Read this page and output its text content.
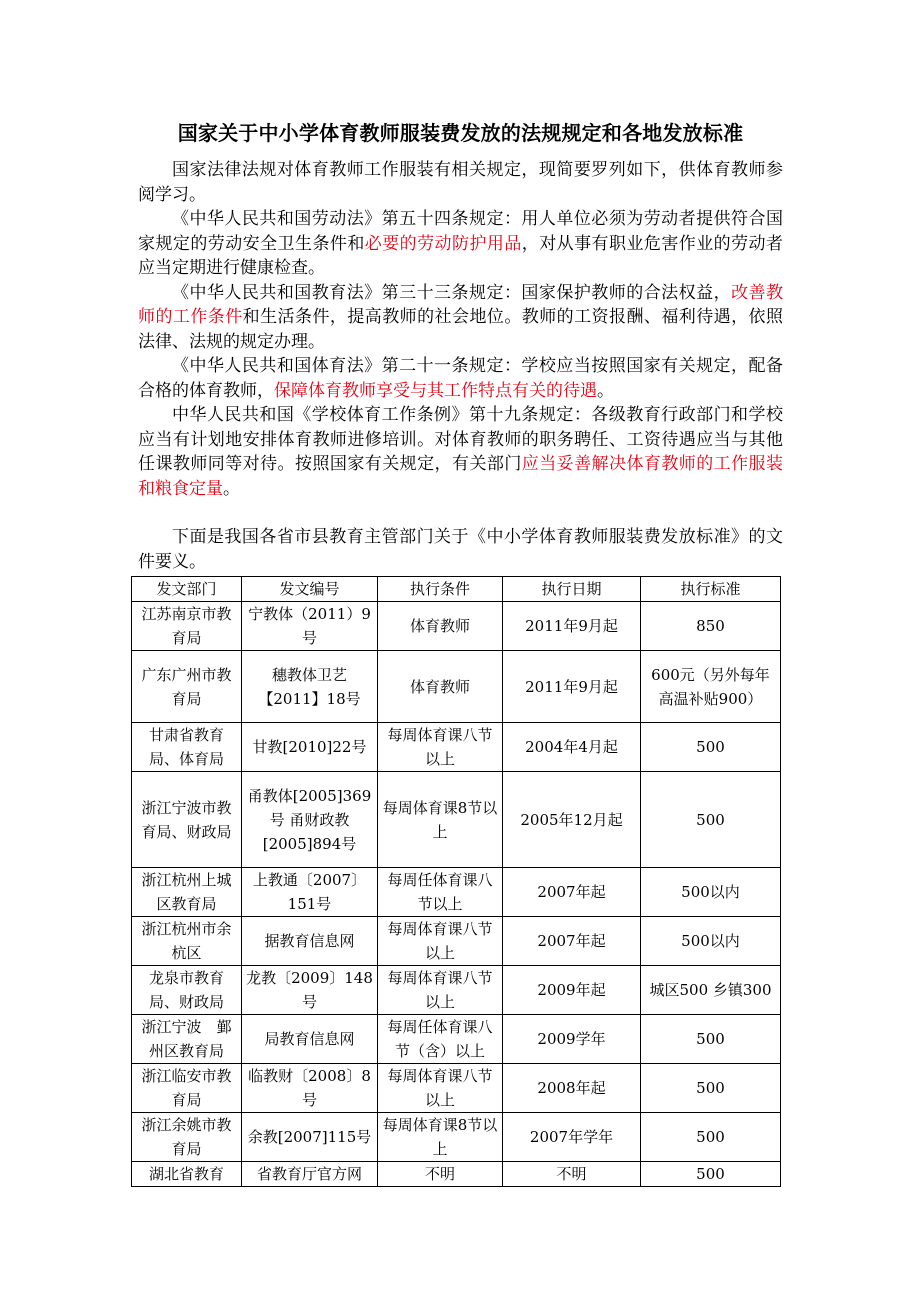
国家关于中小学体育教师服装费发放的法规规定和各地发放标准

国家法律法规对体育教师工作服装有相关规定，现简要罗列如下，供体育教师参阅学习。

《中华人民共和国劳动法》第五十四条规定：用人单位必须为劳动者提供符合国家规定的劳动安全卫生条件和必要的劳动防护用品，对从事有职业危害作业的劳动者应当定期进行健康检查。

《中华人民共和国教育法》第三十三条规定：国家保护教师的合法权益，改善教师的工作条件和生活条件，提高教师的社会地位。教师的工资报酬、福利待遇，依照法律、法规的规定办理。

《中华人民共和国体育法》第二十一条规定：学校应当按照国家有关规定，配备合格的体育教师，保障体育教师享受与其工作特点有关的待遇。

中华人民共和国《学校体育工作条例》第十九条规定：各级教育行政部门和学校应当有计划地安排体育教师进修培训。对体育教师的职务聘任、工资待遇应当与其他任课教师同等对待。按照国家有关规定，有关部门应当妥善解决体育教师的工作服装和粮食定量。

下面是我国各省市县教育主管部门关于《中小学体育教师服装费发放标准》的文件要义。

发文部门	发文编号	执行条件	执行日期	执行标准
江苏南京市教育局	宁教体（2011）9号	体育教师	2011年9月起	850
广东广州市教育局	穗教体卫艺【2011】18号	体育教师	2011年9月起	600元（另外每年高温补贴900）
甘肃省教育局、体育局	甘教[2010]22号	每周体育课八节以上	2004年4月起	500
浙江宁波市教育局、财政局	甬教体[2005]369号 甬财政教[2005]894号	每周体育课8节以上	2005年12月起	500
浙江杭州上城区教育局	上教通〔2007〕151号	每周任体育课八节以上	2007年起	500以内
浙江杭州市余杭区	据教育信息网	每周体育课八节以上	2007年起	500以内
龙泉市教育局、财政局	龙教〔2009〕148号	每周体育课八节以上	2009年起	城区500 乡镇300
浙江宁波　鄞州区教育局	局教育信息网	每周任体育课八节（含）以上	2009学年	500
浙江临安市教育局	临教财〔2008〕8号	每周体育课八节以上	2008年起	500
浙江余姚市教育局	余教[2007]115号	每周体育课8节以上	2007年学年	500
湖北省教育	省教育厅官方网	不明	不明	500
